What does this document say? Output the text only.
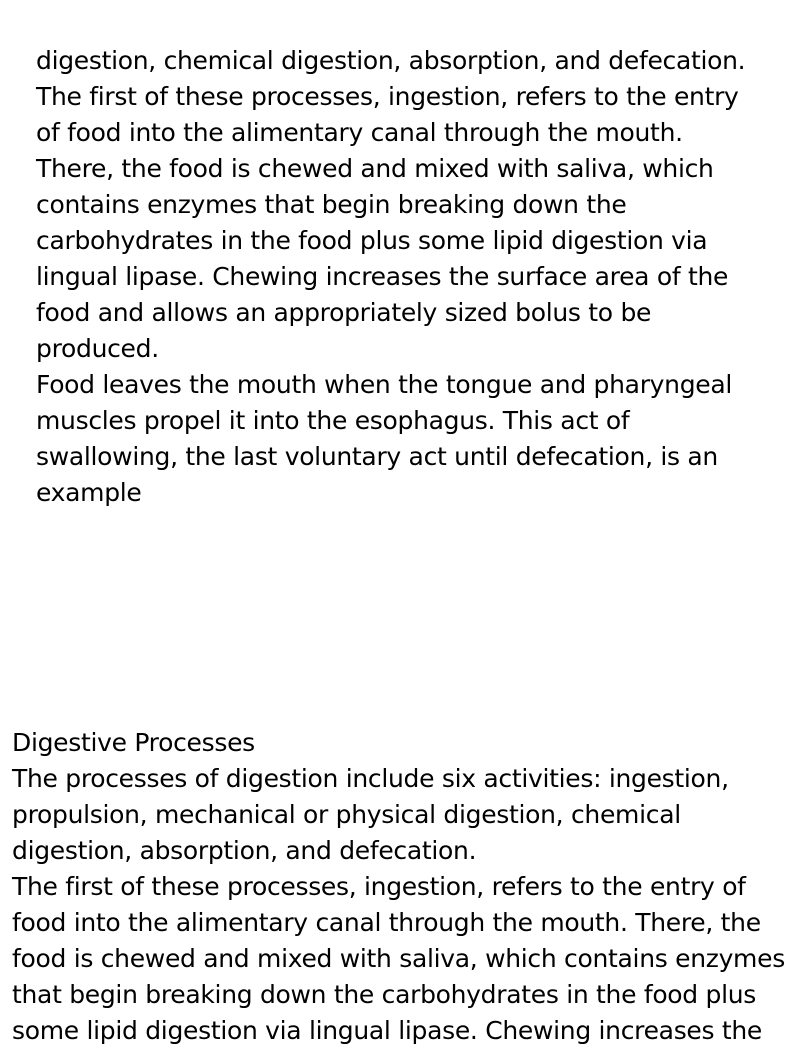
digestion, chemical digestion, absorption, and defecation.
The first of these processes, ingestion, refers to the entry
of food into the alimentary canal through the mouth.
There, the food is chewed and mixed with saliva, which
contains enzymes that begin breaking down the
carbohydrates in the food plus some lipid digestion via
lingual lipase. Chewing increases the surface area of the
food and allows an appropriately sized bolus to be
produced.
Food leaves the mouth when the tongue and pharyngeal
muscles propel it into the esophagus. This act of
swallowing, the last voluntary act until defecation, is an
example
Digestive Processes
The processes of digestion include six activities: ingestion,
propulsion, mechanical or physical digestion, chemical
digestion, absorption, and defecation.
The first of these processes, ingestion, refers to the entry of
food into the alimentary canal through the mouth. There, the
food is chewed and mixed with saliva, which contains enzymes
that begin breaking down the carbohydrates in the food plus
some lipid digestion via lingual lipase. Chewing increases the
